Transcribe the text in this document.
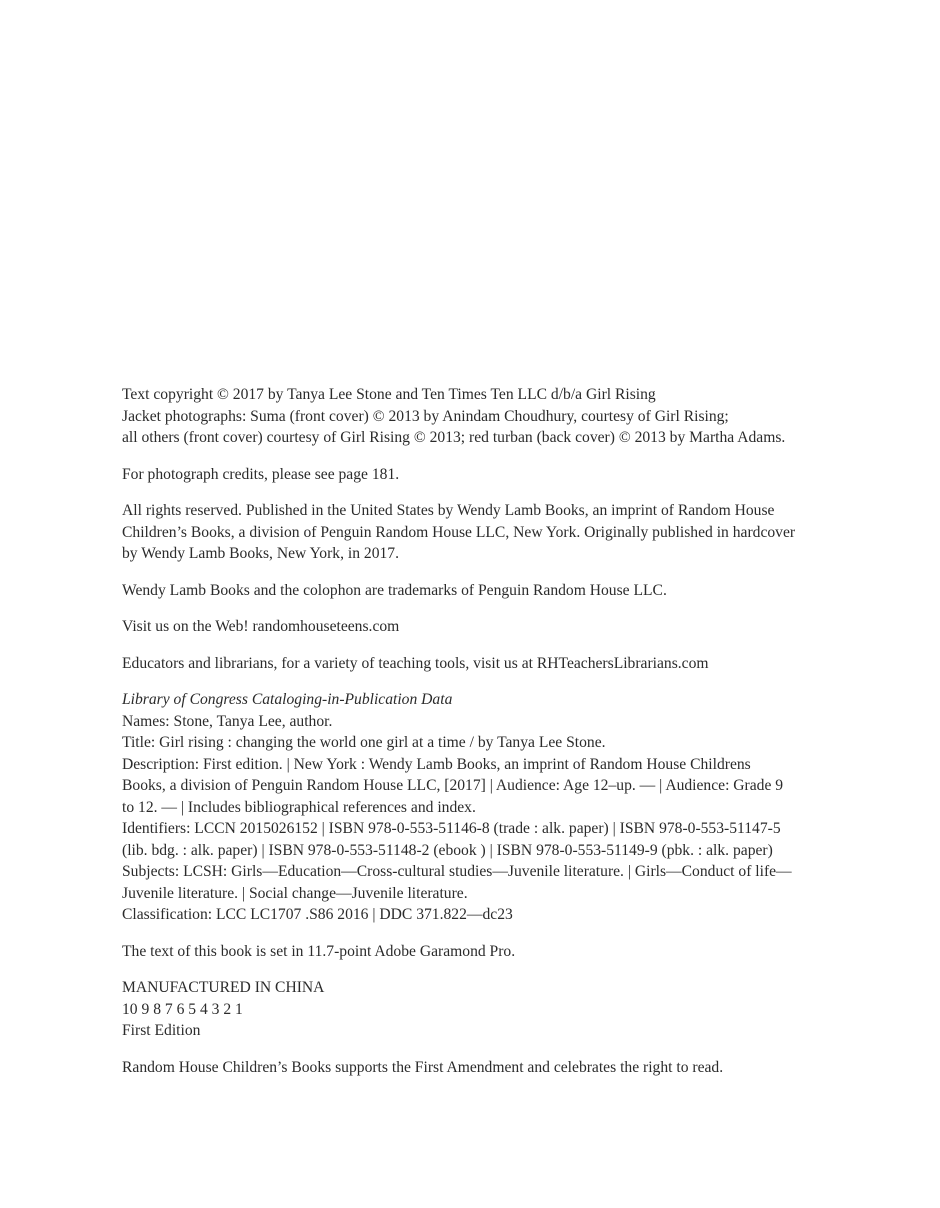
Text copyright © 2017 by Tanya Lee Stone and Ten Times Ten LLC d/b/a Girl Rising
Jacket photographs: Suma (front cover) © 2013 by Anindam Choudhury, courtesy of Girl Rising;
all others (front cover) courtesy of Girl Rising © 2013; red turban (back cover) © 2013 by Martha Adams.

For photograph credits, please see page 181.

All rights reserved. Published in the United States by Wendy Lamb Books, an imprint of Random House
Children’s Books, a division of Penguin Random House LLC, New York. Originally published in hardcover
by Wendy Lamb Books, New York, in 2017.

Wendy Lamb Books and the colophon are trademarks of Penguin Random House LLC.

Visit us on the Web! randomhouseteens.com

Educators and librarians, for a variety of teaching tools, visit us at RHTeachersLibrarians.com

Library of Congress Cataloging-in-Publication Data
Names: Stone, Tanya Lee, author.
Title: Girl rising : changing the world one girl at a time / by Tanya Lee Stone.
Description: First edition. | New York : Wendy Lamb Books, an imprint of Random House Childrens
Books, a division of Penguin Random House LLC, [2017] | Audience: Age 12–up. — | Audience: Grade 9
to 12. — | Includes bibliographical references and index.
Identifiers: LCCN 2015026152 | ISBN 978-0-553-51146-8 (trade : alk. paper) | ISBN 978-0-553-51147-5
(lib. bdg. : alk. paper) | ISBN 978-0-553-51148-2 (ebook ) | ISBN 978-0-553-51149-9 (pbk. : alk. paper)
Subjects: LCSH: Girls—Education—Cross-cultural studies—Juvenile literature. | Girls—Conduct of life—
Juvenile literature. | Social change—Juvenile literature.
Classification: LCC LC1707 .S86 2016 | DDC 371.822—dc23

The text of this book is set in 11.7-point Adobe Garamond Pro.

MANUFACTURED IN CHINA
10 9 8 7 6 5 4 3 2 1
First Edition

Random House Children’s Books supports the First Amendment and celebrates the right to read.
